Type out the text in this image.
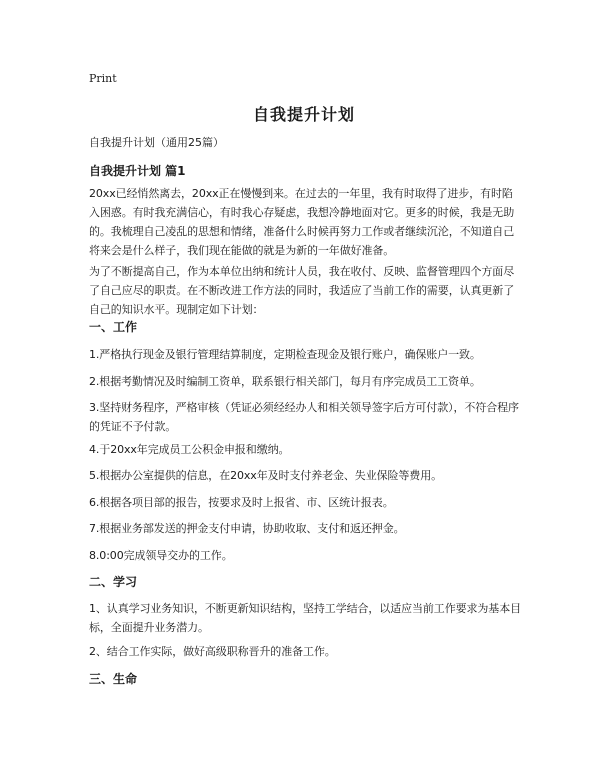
Print
自我提升计划
自我提升计划（通用25篇）
自我提升计划 篇1
20xx已经悄然离去，20xx正在慢慢到来。在过去的一年里，我有时取得了进步，有时陷入困惑。有时我充满信心，有时我心存疑虑，我想冷静地面对它。更多的时候，我是无助的。我梳理自己凌乱的思想和情绪，准备什么时候再努力工作或者继续沉沦，不知道自己将来会是什么样子，我们现在能做的就是为新的一年做好准备。
为了不断提高自己，作为本单位出纳和统计人员，我在收付、反映、监督管理四个方面尽了自己应尽的职责。在不断改进工作方法的同时，我适应了当前工作的需要，认真更新了自己的知识水平。现制定如下计划：
一、工作
1.严格执行现金及银行管理结算制度，定期检查现金及银行账户，确保账户一致。
2.根据考勤情况及时编制工资单，联系银行相关部门，每月有序完成员工工资单。
3.坚持财务程序，严格审核（凭证必须经经办人和相关领导签字后方可付款），不符合程序的凭证不予付款。
4.于20xx年完成员工公积金申报和缴纳。
5.根据办公室提供的信息，在20xx年及时支付养老金、失业保险等费用。
6.根据各项目部的报告，按要求及时上报省、市、区统计报表。
7.根据业务部发送的押金支付申请，协助收取、支付和返还押金。
8.0:00完成领导交办的工作。
二、学习
1、认真学习业务知识，不断更新知识结构，坚持工学结合，以适应当前工作要求为基本目标，全面提升业务潜力。
2、结合工作实际，做好高级职称晋升的准备工作。
三、生命
